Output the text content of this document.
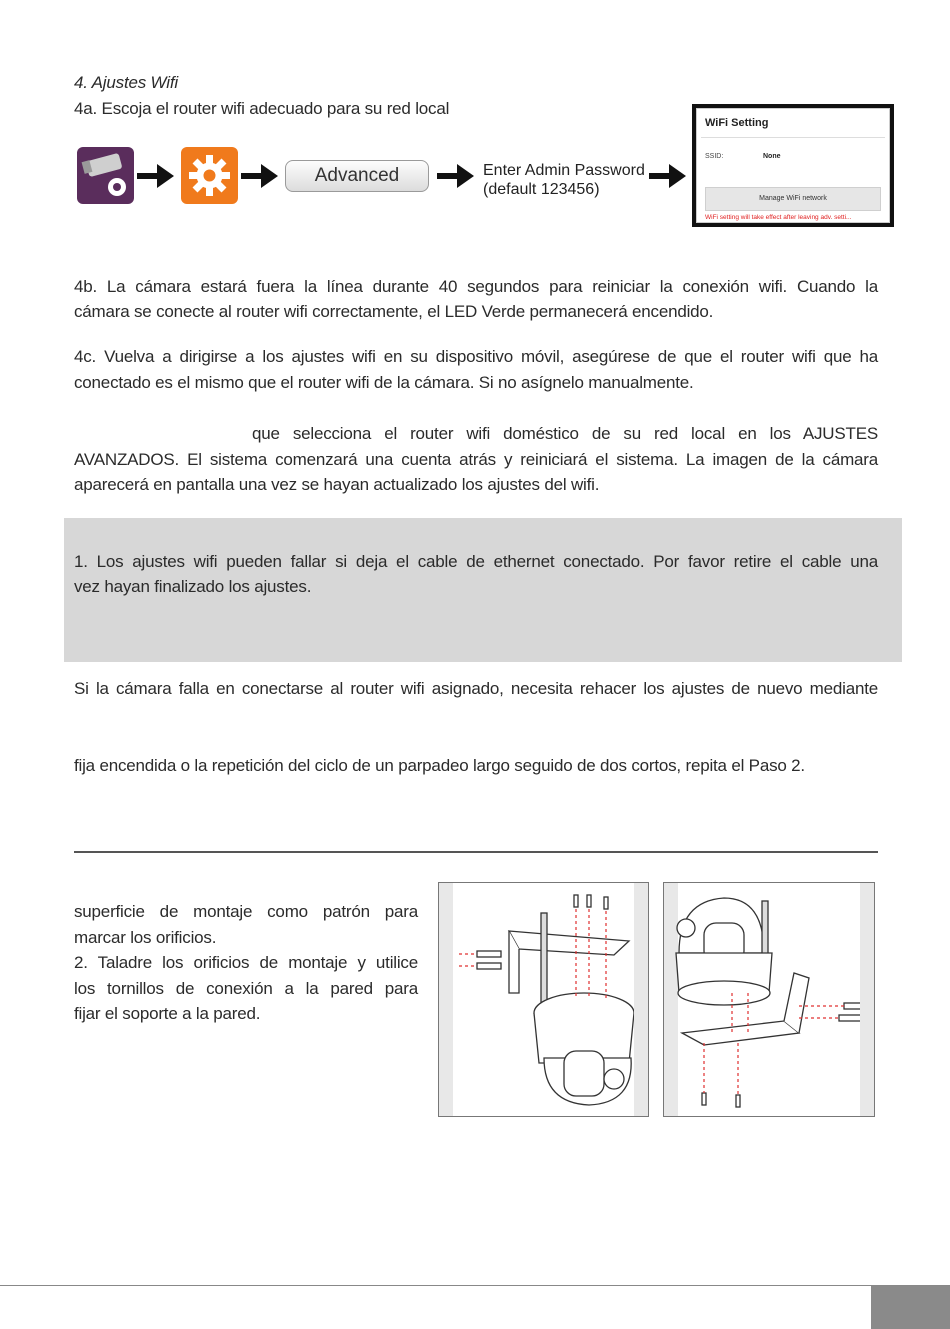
4. Ajustes Wifi
4a. Escoja el router wifi adecuado para su red local
Advanced	Enter Admin Password
(default 123456)
WiFi Setting
SSID:	None
Manage WiFi network
WiFi setting will take effect after leaving adv. setti...
4b. La cámara estará fuera la línea durante 40 segundos para reiniciar la conexión wifi. Cuando la
cámara se conecte al router wifi correctamente, el LED Verde permanecerá encendido.
4c. Vuelva a dirigirse a los ajustes wifi en su dispositivo móvil, asegúrese de que el router wifi que ha
conectado es el mismo que el router wifi de la cámara. Si no asígnelo manualmente.
que selecciona el router wifi doméstico de su red local en los AJUSTES
AVANZADOS. El sistema comenzará una cuenta atrás y reiniciará el sistema. La imagen de la cámara
aparecerá en pantalla una vez se hayan actualizado los ajustes del wifi.
1. Los ajustes wifi pueden fallar si deja el cable de ethernet conectado. Por favor retire el cable una
vez hayan finalizado los ajustes.
Si la cámara falla en conectarse al router wifi asignado, necesita rehacer los ajustes de nuevo mediante
fija encendida o la repetición del ciclo de un parpadeo largo seguido de dos cortos, repita el Paso 2.
superficie de montaje como patrón para
marcar los orificios.
2. Taladre los orificios de montaje y utilice
los tornillos de conexión a la pared para
fijar el soporte a la pared.
